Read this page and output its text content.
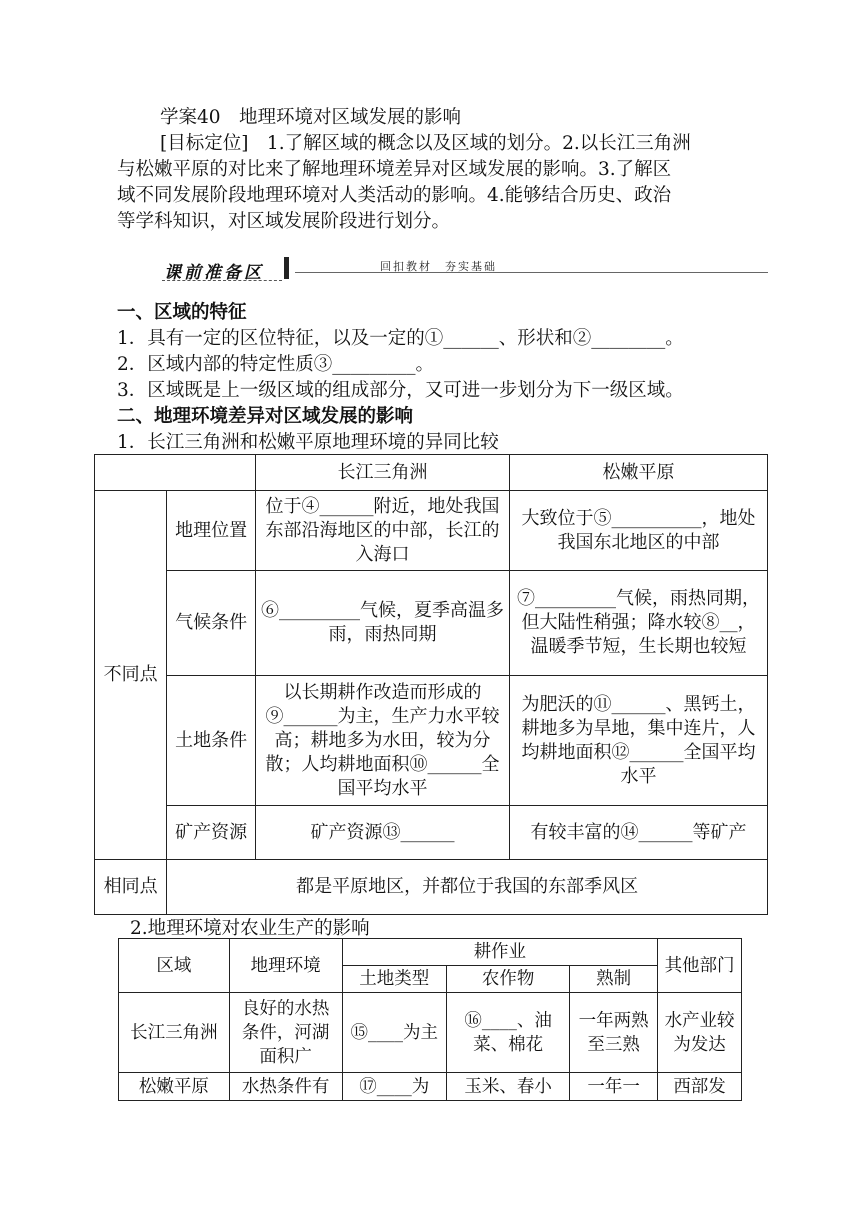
学案40　地理环境对区域发展的影响
[目标定位]　1.了解区域的概念以及区域的划分。2.以长江三角洲
与松嫩平原的对比来了解地理环境差异对区域发展的影响。3.了解区
域不同发展阶段地理环境对人类活动的影响。4.能够结合历史、政治
等学科知识，对区域发展阶段进行划分。
课前准备区	回扣教材　夯实基础
一、区域的特征
1．具有一定的区位特征，以及一定的①______、形状和②________。
2．区域内部的特定性质③_________。
3．区域既是上一级区域的组成部分，又可进一步划分为下一级区域。
二、地理环境差异对区域发展的影响
1．长江三角洲和松嫩平原地理环境的异同比较
		长江三角洲	松嫩平原
不同点	地理位置	位于④______附近，地处我国东部沿海地区的中部，长江的入海口	大致位于⑤__________，地处我国东北地区的中部
	气候条件	⑥_________气候，夏季高温多雨，雨热同期	⑦_________气候，雨热同期，但大陆性稍强；降水较⑧__，温暖季节短，生长期也较短
	土地条件	以长期耕作改造而形成的⑨______为主，生产力水平较高；耕地多为水田，较为分散；人均耕地面积⑩______全国平均水平	为肥沃的⑪______、黑钙土，耕地多为旱地，集中连片，人均耕地面积⑫______全国平均水平
	矿产资源	矿产资源⑬______	有较丰富的⑭______等矿产
相同点	都是平原地区，并都位于我国的东部季风区		
2.地理环境对农业生产的影响
区域	地理环境	耕作业			其他部门
		土地类型	农作物	熟制	
长江三角洲	良好的水热条件，河湖面积广	⑮____为主	⑯____、油菜、棉花	一年两熟至三熟	水产业较为发达
松嫩平原	水热条件有	⑰____为	玉米、春小	一年一	西部发
